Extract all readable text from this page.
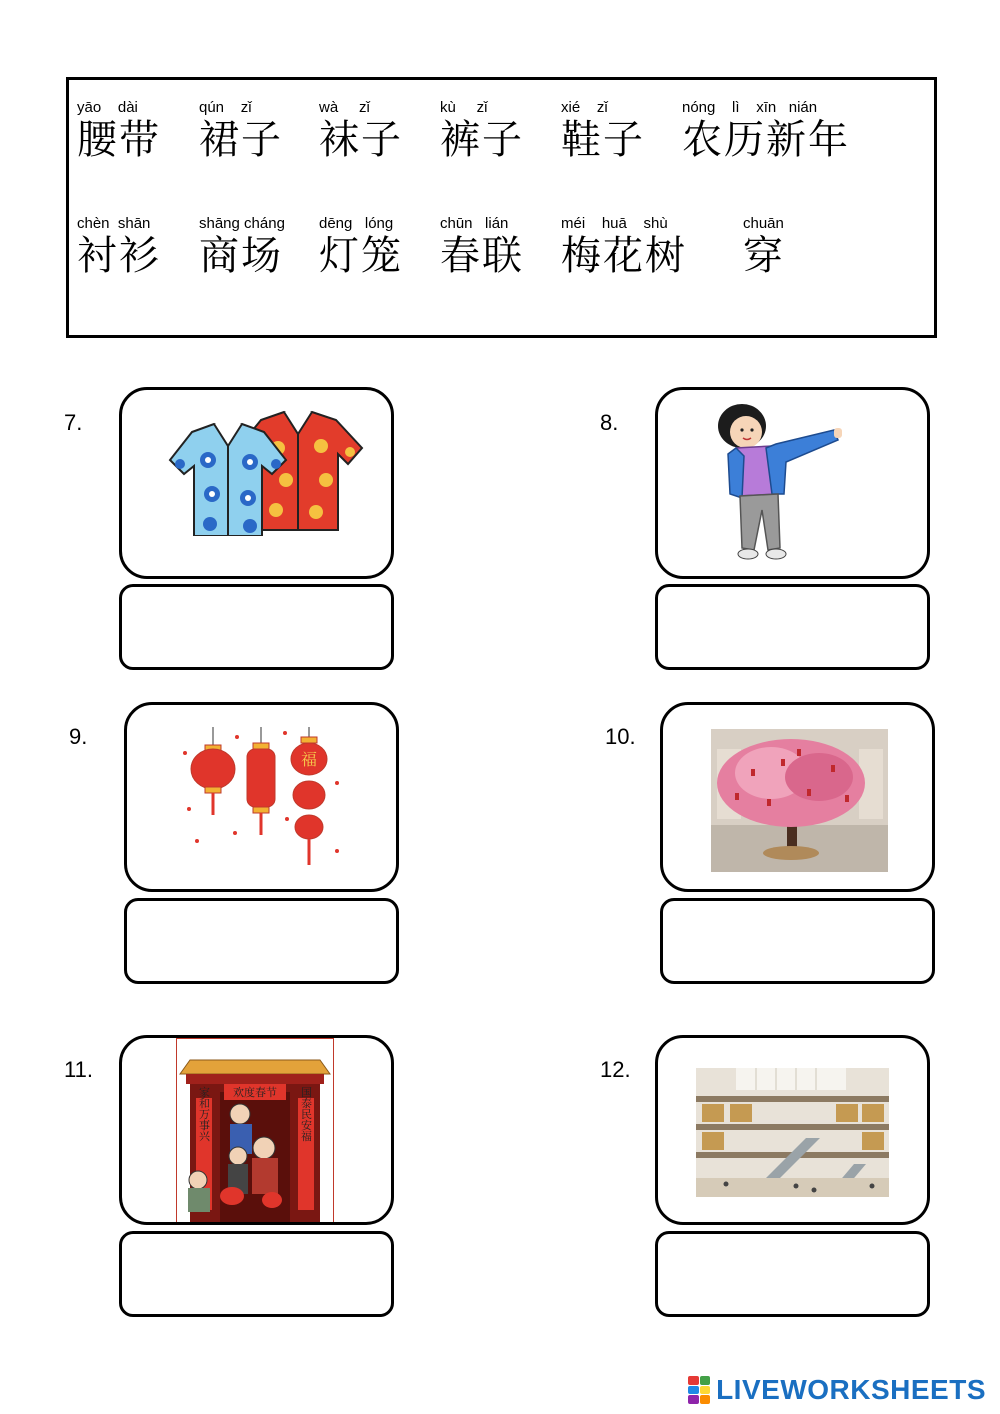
yāo    dài
腰带
qún    zǐ
裙子
wà     zǐ
袜子
kù     zǐ
裤子
xié    zǐ
鞋子
nóng    lì    xīn   nián
农历新年
chèn  shān
衬衫
shāng cháng
商场
dēng   lóng
灯笼
chūn   lián
春联
méi    huā    shù
梅花树
chuān
穿
7.	8.
9.
福
10.
11.
欢度春节
家和万事兴	国泰民安福
12.
LIVEWORKSHEETS
